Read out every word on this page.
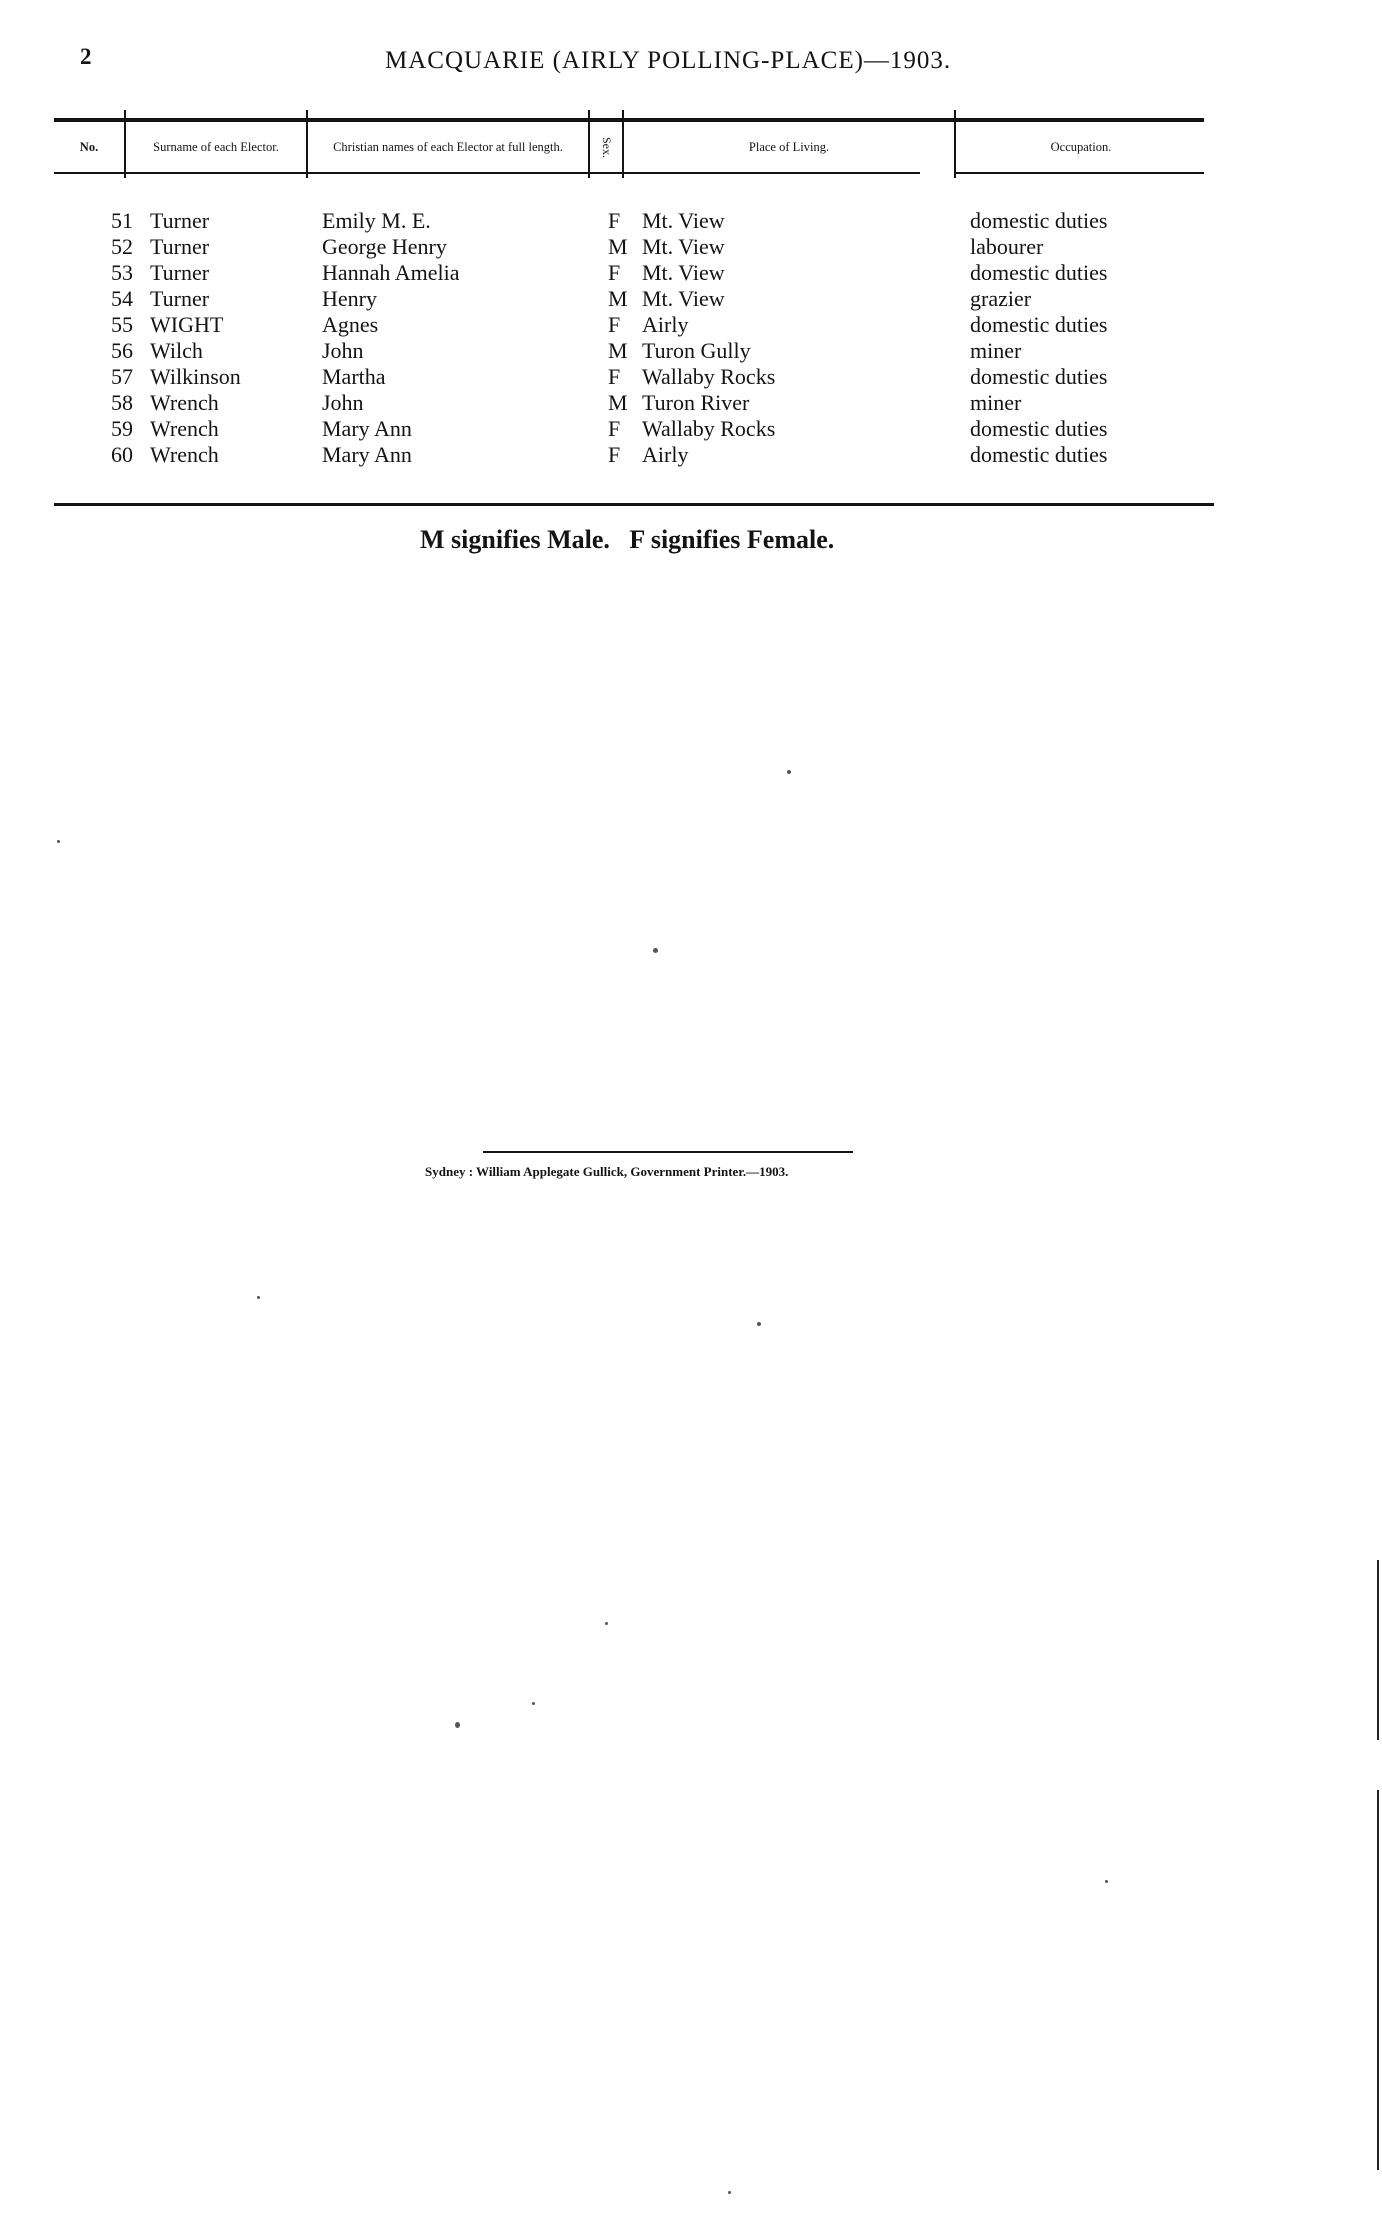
2	MACQUARIE (AIRLY POLLING-PLACE)—1903.
No.	Surname of each Elector.	Christian names of each Elector at full length.	Sex.	Place of Living.	Occupation.
51 Turner	Emily M. E.	F Mt. View	domestic duties
52 Turner	George Henry	M Mt. View	labourer
53 Turner	Hannah Amelia	F Mt. View	domestic duties
54 Turner	Henry	M Mt. View	grazier
55 WIGHT	Agnes	F Airly	domestic duties
56 Wilch	John	M Turon Gully	miner
57 Wilkinson	Martha	F Wallaby Rocks	domestic duties
58 Wrench	John	M Turon River	miner
59 Wrench	Mary Ann	F Wallaby Rocks	domestic duties
60 Wrench	Mary Ann	F Airly	domestic duties
M signifies Male.   F signifies Female.
Sydney : William Applegate Gullick, Government Printer.—1903.
